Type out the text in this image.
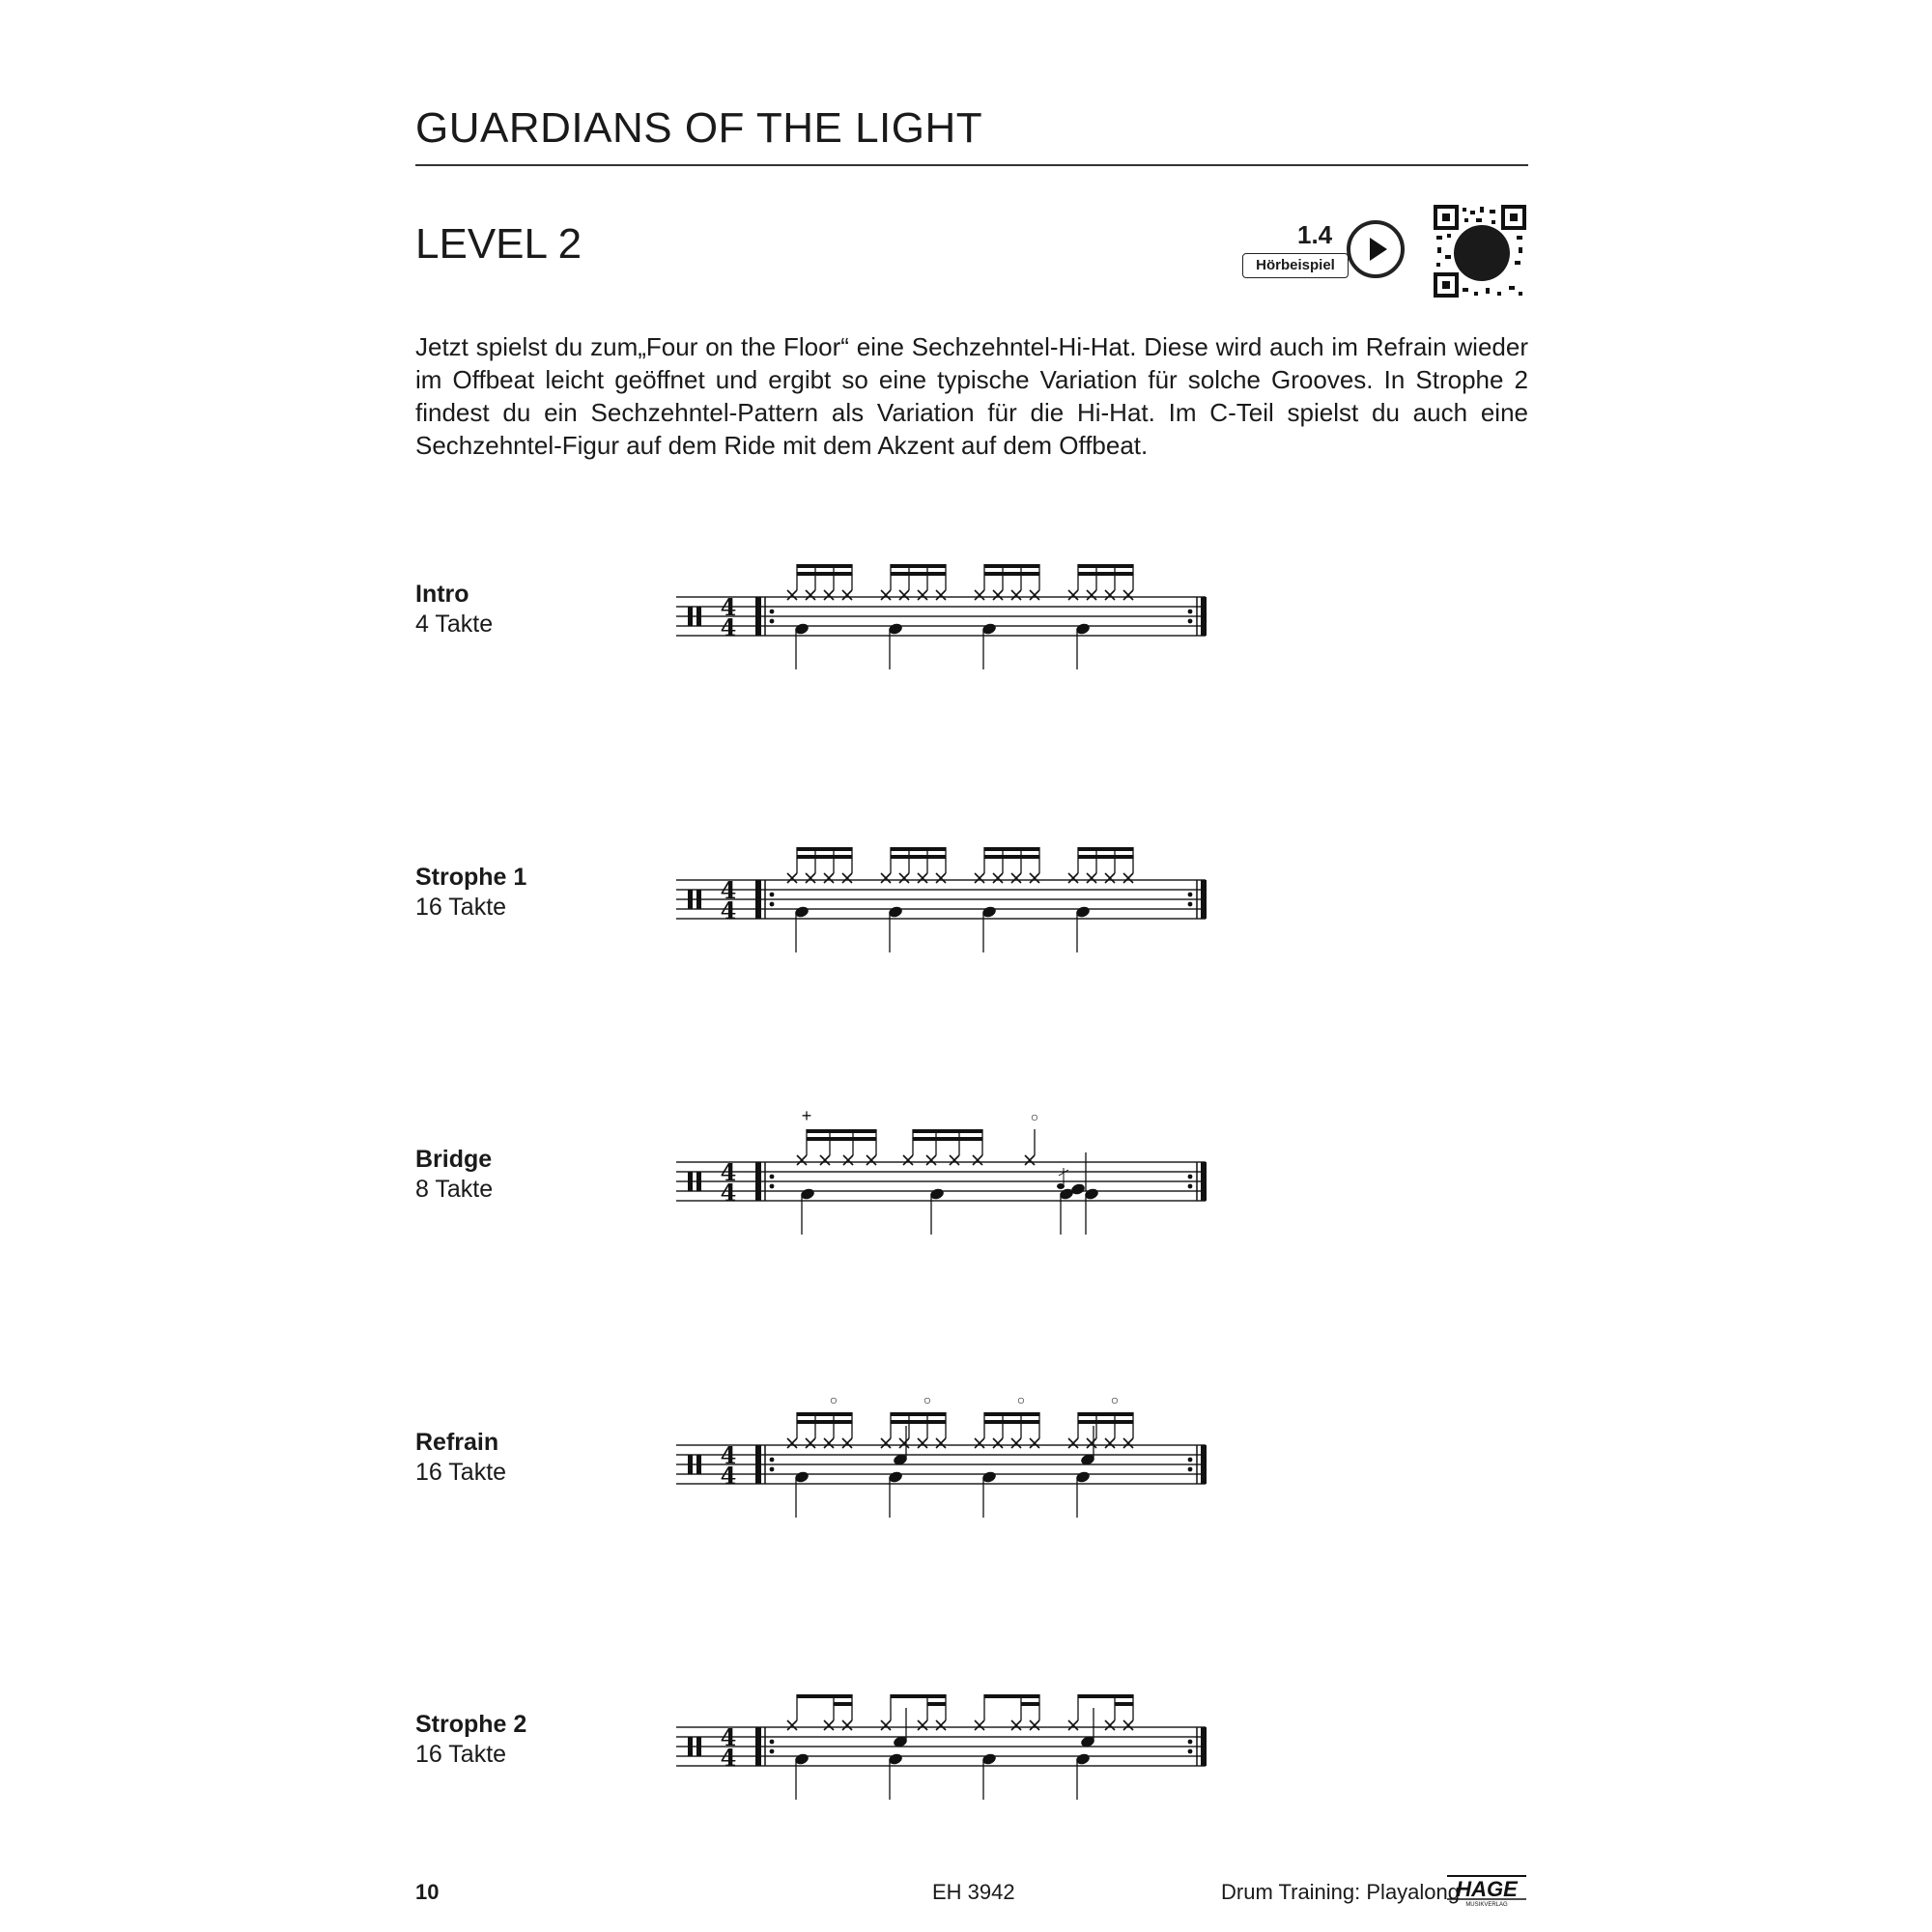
GUARDIANS OF THE LIGHT
LEVEL 2	1.4
Hörbeispiel

Jetzt spielst du zum„Four on the Floor“ eine Sechzehntel-Hi-Hat. Diese wird auch im Refrain wieder im Offbeat leicht geöffnet und ergibt so eine typische Variation für solche Grooves. In Strophe 2 findest du ein Sechzehntel-Pattern als Variation für die Hi-Hat. Im C-Teil spielst du auch eine Sechzehntel-Figur auf dem Ride mit dem Akzent auf dem Offbeat.

Intro
4 Takte
Strophe 1
16 Takte
Bridge
8 Takte
Refrain
16 Takte
Strophe 2
16 Takte
4
4
4
4
4
4
+	○
4
4
○	○	○	○
4
4
10	EH 3942	Drum Training: Playalong
HAGE
MUSIKVERLAG
